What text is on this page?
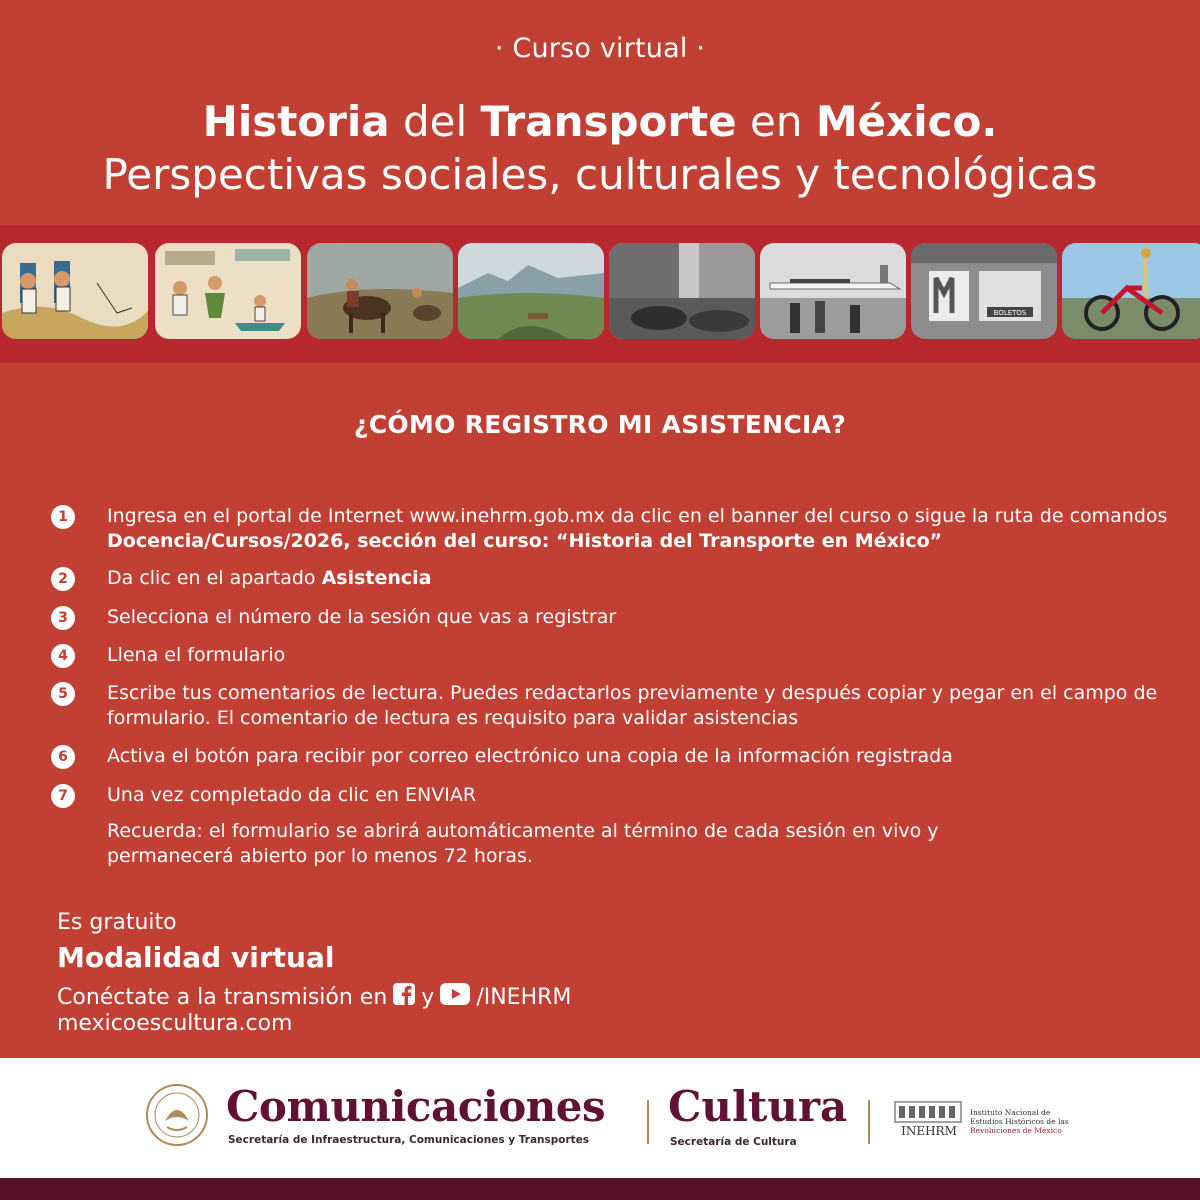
· Curso virtual ·
Historia del Transporte en México.
Perspectivas sociales, culturales y tecnológicas
BOLETOS
¿CÓMO REGISTRO MI ASISTENCIA?
1	Ingresa en el portal de Internet www.inehrm.gob.mx da clic en el banner del curso o sigue la ruta de comandos Docencia/Cursos/2026, sección del curso: “Historia del Transporte en México”
2	Da clic en el apartado Asistencia
3	Selecciona el número de la sesión que vas a registrar
4	Llena el formulario
5	Escribe tus comentarios de lectura. Puedes redactarlos previamente y después copiar y pegar en el campo de formulario. El comentario de lectura es requisito para validar asistencias
6	Activa el botón para recibir por correo electrónico una copia de la información registrada
7	Una vez completado da clic en ENVIAR
Recuerda: el formulario se abrirá automáticamente al término de cada sesión en vivo y permanecerá abierto por lo menos 72 horas.
Es gratuito
Modalidad virtual
Conéctate a la transmisión en y /INEHRM
mexicoescultura.com
Comunicaciones
Secretaría de Infraestructura, Comunicaciones y Transportes
Cultura
Secretaría de Cultura
INEHRM
Instituto Nacional de
Estudios Históricos de las
Revoluciones de México
